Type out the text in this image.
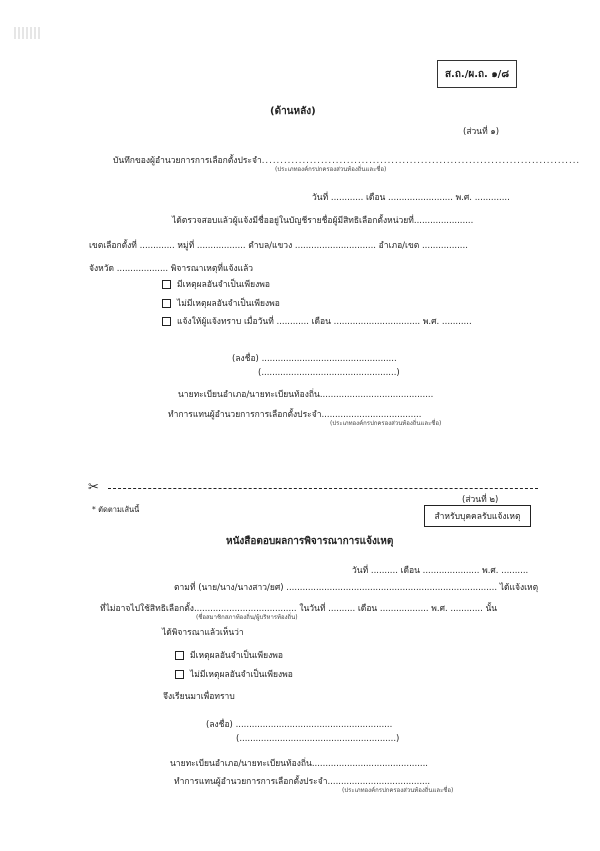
ส.ถ./ผ.ถ. ๑/๘
(ด้านหลัง)
(ส่วนที่ ๑)
บันทึกของผู้อำนวยการการเลือกตั้งประจำ......................................................................................
(ประเภทองค์กรปกครองส่วนท้องถิ่นและชื่อ)
วันที่ ............ เดือน ........................ พ.ศ. .............
ได้ตรวจสอบแล้วผู้แจ้งมีชื่ออยู่ในบัญชีรายชื่อผู้มีสิทธิเลือกตั้งหน่วยที่......................
เขตเลือกตั้งที่ ............. หมู่ที่ .................. ตำบล/แขวง .............................. อำเภอ/เขต .................
จังหวัด ................... พิจารณาเหตุที่แจ้งแล้ว
มีเหตุผลอันจำเป็นเพียงพอ
ไม่มีเหตุผลอันจำเป็นเพียงพอ
แจ้งให้ผู้แจ้งทราบ เมื่อวันที่ ............ เดือน ................................ พ.ศ. ...........
(ลงชื่อ) ..................................................
(..................................................)
นายทะเบียนอำเภอ/นายทะเบียนท้องถิ่น..........................................
ทำการแทนผู้อำนวยการการเลือกตั้งประจำ.....................................
(ประเภทองค์กรปกครองส่วนท้องถิ่นและชื่อ)
✂
* ตัดตามเส้นนี้
(ส่วนที่ ๒)
สำหรับบุคคลรับแจ้งเหตุ
หนังสือตอบผลการพิจารณาการแจ้งเหตุ
วันที่ .......... เดือน ..................... พ.ศ. ..........
ตามที่ (นาย/นาง/นางสาว/ยศ) .............................................................................. ได้แจ้งเหตุ
ที่ไม่อาจไปใช้สิทธิเลือกตั้ง...................................... ในวันที่ .......... เดือน .................. พ.ศ. ............ นั้น
(ชื่อสมาชิกสภาท้องถิ่น/ผู้บริหารท้องถิ่น)
ได้พิจารณาแล้วเห็นว่า
มีเหตุผลอันจำเป็นเพียงพอ
ไม่มีเหตุผลอันจำเป็นเพียงพอ
จึงเรียนมาเพื่อทราบ
(ลงชื่อ) ..........................................................
(..........................................................)
นายทะเบียนอำเภอ/นายทะเบียนท้องถิ่น...........................................
ทำการแทนผู้อำนวยการการเลือกตั้งประจำ......................................
(ประเภทองค์กรปกครองส่วนท้องถิ่นและชื่อ)
